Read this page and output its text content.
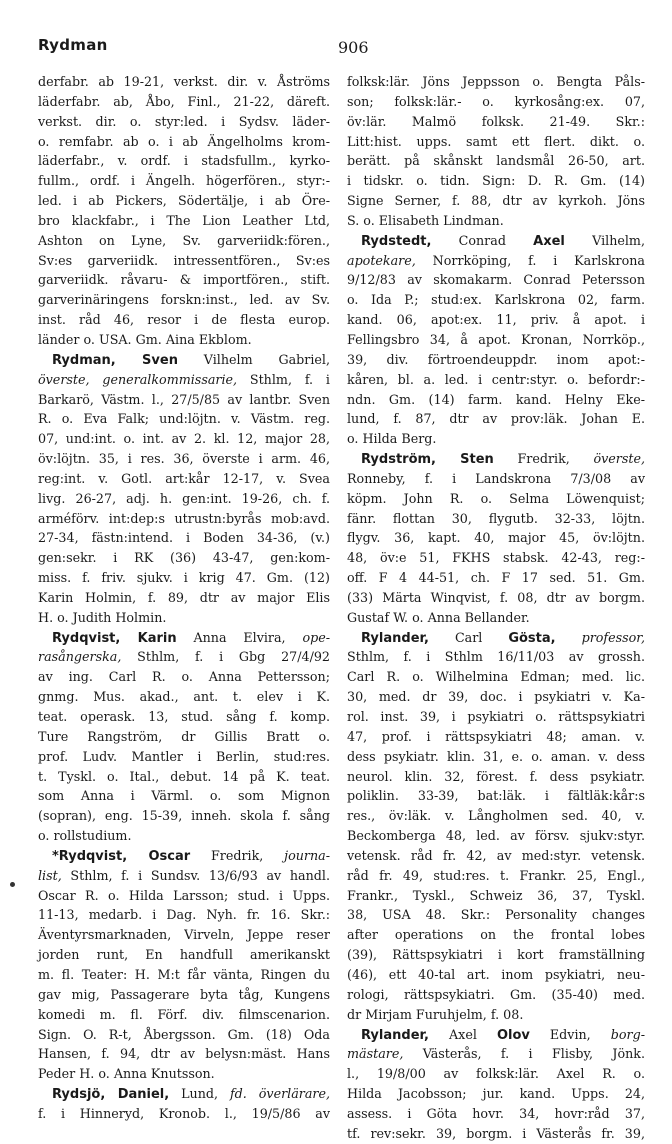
Rydman	906
derfabr. ab 19-21, verkst. dir. v. Åströms
läderfabr. ab, Åbo, Finl., 21-22, däreft.
verkst. dir. o. styr:led. i Sydsv. läder-
o. remfabr. ab o. i ab Ängelholms krom-
läderfabr., v. ordf. i stadsfullm., kyrko-
fullm., ordf. i Ängelh. högerfören., styr:-
led. i ab Pickers, Södertälje, i ab Öre-
bro klackfabr., i The Lion Leather Ltd,
Ashton on Lyne, Sv. garveriidk:fören.,
Sv:es garveriidk. intressentfören., Sv:es
garveriidk. råvaru- & importfören., stift.
garverinäringens forskn:inst., led. av Sv.
inst. råd 46, resor i de flesta europ.
länder o. USA. Gm. Aina Ekblom.
Rydman, Sven Vilhelm Gabriel,
överste, generalkommissarie, Sthlm, f. i
Barkarö, Västm. l., 27/5/85 av lantbr. Sven
R. o. Eva Falk; und:löjtn. v. Västm. reg.
07, und:int. o. int. av 2. kl. 12, major 28,
öv:löjtn. 35, i res. 36, överste i arm. 46,
reg:int. v. Gotl. art:kår 12-17, v. Svea
livg. 26-27, adj. h. gen:int. 19-26, ch. f.
arméförv. int:dep:s utrustn:byrås mob:avd.
27-34, fästn:intend. i Boden 34-36, (v.)
gen:sekr. i RK (36) 43-47, gen:kom-
miss. f. friv. sjukv. i krig 47. Gm. (12)
Karin Holmin, f. 89, dtr av major Elis
H. o. Judith Holmin.
Rydqvist, Karin Anna Elvira, ope-
rasångerska, Sthlm, f. i Gbg 27/4/92
av ing. Carl R. o. Anna Pettersson;
gnmg. Mus. akad., ant. t. elev i K.
teat. operask. 13, stud. sång f. komp.
Ture Rangström, dr Gillis Bratt o.
prof. Ludv. Mantler i Berlin, stud:res.
t. Tyskl. o. Ital., debut. 14 på K. teat.
som Anna i Värml. o. som Mignon
(sopran), eng. 15-39, inneh. skola f. sång
o. rollstudium.
*Rydqvist, Oscar Fredrik, journa-
list, Sthlm, f. i Sundsv. 13/6/93 av handl.
Oscar R. o. Hilda Larsson; stud. i Upps.
11-13, medarb. i Dag. Nyh. fr. 16. Skr.:
Äventyrsmarknaden, Virveln, Jeppe reser
jorden runt, En handfull amerikanskt
m. fl. Teater: H. M:t får vänta, Ringen du
gav mig, Passagerare byta tåg, Kungens
komedi m. fl. Förf. div. filmscenarion.
Sign. O. R-t, Åbergsson. Gm. (18) Oda
Hansen, f. 94, dtr av belysn:mäst. Hans
Peder H. o. Anna Knutsson.
Rydsjö, Daniel, Lund, fd. överlärare,
f. i Hinneryd, Kronob. l., 19/5/86 av
folksk:lär. Jöns Jeppsson o. Bengta Påls-
son; folksk:lär.- o. kyrkosång:ex. 07,
öv:lär. Malmö folksk. 21-49. Skr.:
Litt:hist. upps. samt ett flert. dikt. o.
berätt. på skånskt landsmål 26-50, art.
i tidskr. o. tidn. Sign: D. R. Gm. (14)
Signe Serner, f. 88, dtr av kyrkoh. Jöns
S. o. Elisabeth Lindman.
Rydstedt, Conrad Axel Vilhelm,
apotekare, Norrköping, f. i Karlskrona
9/12/83 av skomakarm. Conrad Petersson
o. Ida P.; stud:ex. Karlskrona 02, farm.
kand. 06, apot:ex. 11, priv. å apot. i
Fellingsbro 34, å apot. Kronan, Norrköp.,
39, div. förtroendeuppdr. inom apot:-
kåren, bl. a. led. i centr:styr. o. befordr:-
ndn. Gm. (14) farm. kand. Helny Eke-
lund, f. 87, dtr av prov:läk. Johan E.
o. Hilda Berg.
Rydström, Sten Fredrik, överste,
Ronneby, f. i Landskrona 7/3/08 av
köpm. John R. o. Selma Löwenquist;
fänr. flottan 30, flygutb. 32-33, löjtn.
flygv. 36, kapt. 40, major 45, öv:löjtn.
48, öv:e 51, FKHS stabsk. 42-43, reg:-
off. F 4 44-51, ch. F 17 sed. 51. Gm.
(33) Märta Winqvist, f. 08, dtr av borgm.
Gustaf W. o. Anna Bellander.
Rylander, Carl Gösta, professor,
Sthlm, f. i Sthlm 16/11/03 av grossh.
Carl R. o. Wilhelmina Edman; med. lic.
30, med. dr 39, doc. i psykiatri v. Ka-
rol. inst. 39, i psykiatri o. rättspsykiatri
47, prof. i rättspsykiatri 48; aman. v.
dess psykiatr. klin. 31, e. o. aman. v. dess
neurol. klin. 32, förest. f. dess psykiatr.
poliklin. 33-39, bat:läk. i fältläk:kår:s
res., öv:läk. v. Långholmen sed. 40, v.
Beckomberga 48, led. av försv. sjukv:styr.
vetensk. råd fr. 42, av med:styr. vetensk.
råd fr. 49, stud:res. t. Frankr. 25, Engl.,
Frankr., Tyskl., Schweiz 36, 37, Tyskl.
38, USA 48. Skr.: Personality changes
after operations on the frontal lobes
(39), Rättspsykiatri i kort framställning
(46), ett 40-tal art. inom psykiatri, neu-
rologi, rättspsykiatri. Gm. (35-40) med.
dr Mirjam Furuhjelm, f. 08.
Rylander, Axel Olov Edvin, borg-
mästare, Västerås, f. i Flisby, Jönk.
l., 19/8/00 av folksk:lär. Axel R. o.
Hilda Jacobsson; jur. kand. Upps. 24,
assess. i Göta hovr. 34, hovr:råd 37,
tf. rev:sekr. 39, borgm. i Västerås fr. 39,
